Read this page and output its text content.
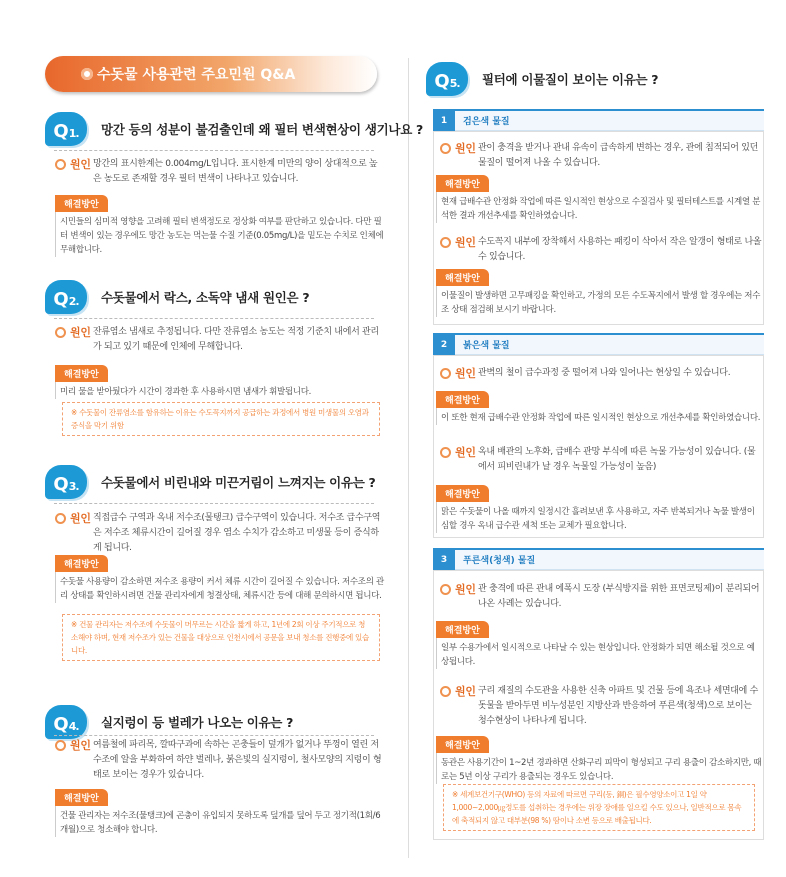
수돗물 사용관련 주요민원 Q&A
Q 1. 망간 등의 성분이 불검출인데 왜 필터 변색현상이 생기나요 ?
원인 망간의 표시한계는 0.004mg/L입니다. 표시한계 미만의 양이 상대적으로 높은 농도로 존재할 경우 필터 변색이 나타나고 있습니다.
해결방안
시민들의 심미적 영향을 고려해 필터 변색정도로 정상화 여부를 판단하고 있습니다. 다만 필터 변색이 있는 경우에도 망간 농도는 먹는물 수질 기준(0.05mg/L)을 밑도는 수치로 인체에 무해합니다.
Q 2. 수돗물에서 락스, 소독약 냄새 원인은 ?
원인 잔류염소 냄새로 추정됩니다. 다만 잔류염소 농도는 적정 기준치 내에서 관리가 되고 있기 때문에 인체에 무해합니다.
해결방안
미리 물을 받아뒀다가 시간이 경과한 후 사용하시면 냄새가 휘발됩니다.
※ 수돗물이 잔류염소를 함유하는 이유는 수도꼭지까지 공급하는 과정에서 병원 미생물의 오염과 증식을 막기 위함
Q 3. 수돗물에서 비린내와 미끈거림이 느껴지는 이유는 ?
원인 직접급수 구역과 옥내 저수조(물탱크) 급수구역이 있습니다. 저수조 급수구역은 저수조 체류시간이 길어질 경우 염소 수치가 감소하고 미생물 등이 증식하게 됩니다.
해결방안
수돗물 사용량이 감소하면 저수조 용량이 커서 체류 시간이 길어질 수 있습니다. 저수조의 관리 상태를 확인하시려면 건물 관리자에게 청결상태, 체류시간 등에 대해 문의하시면 됩니다.
※ 건물 관리자는 저수조에 수돗물이 머무르는 시간을 짧게 하고, 1년에 2회 이상 주기적으로 청소해야 하며, 현재 저수조가 있는 건물을 대상으로 인천시에서 공문을 보내 청소를 진행중에 있습니다.
Q 4. 실지렁이 등 벌레가 나오는 이유는 ?
원인 여름철에 파리목, 깔따구과에 속하는 곤충들이 덮개가 없거나 뚜껑이 열린 저수조에 알을 부화하여 하얀 벌레나, 붉은빛의 실지렁이, 철사모양의 지렁이 형태로 보이는 경우가 있습니다.
해결방안
건물 관리자는 저수조(물탱크)에 곤충이 유입되지 못하도록 덮개를 덮어 두고 정기적(1회/6개월)으로 청소해야 합니다.
Q 5. 필터에 이물질이 보이는 이유는 ?
1	검은색 물질
원인 관이 충격을 받거나 관내 유속이 급속하게 변하는 경우, 관에 침적되어 있던 물질이 떨어져 나올 수 있습니다.
해결방안
현재 급배수관 안정화 작업에 따른 일시적인 현상으로 수질검사 및 필터테스트를 시계열 분석한 결과 개선추세를 확인하였습니다.
원인 수도꼭지 내부에 장착해서 사용하는 패킹이 삭아서 작은 알갱이 형태로 나올 수 있습니다.
해결방안
이물질이 발생하면 고무패킹을 확인하고, 가정의 모든 수도꼭지에서 발생 할 경우에는 저수조 상태 점검해 보시기 바랍니다.
2	붉은색 물질
원인 관벽의 철이 급수과정 중 떨어져 나와 일어나는 현상일 수 있습니다.
해결방안
이 또한 현재 급배수관 안정화 작업에 따른 일시적인 현상으로 개선추세를 확인하였습니다.
원인 옥내 배관의 노후화, 급배수 관망 부식에 따른 녹물 가능성이 있습니다. (물에서 피비린내가 날 경우 녹물일 가능성이 높음)
해결방안
맑은 수돗물이 나올 때까지 일정시간 흘려보낸 후 사용하고, 자주 반복되거나 녹물 발생이 심할 경우 옥내 급수관 세척 또는 교체가 필요합니다.
3	푸른색(청색) 물질
원인 관 충격에 따른 관내 에폭시 도장 (부식방지를 위한 표면코팅제)이 분리되어 나온 사례는 있습니다.
해결방안
일부 수용가에서 일시적으로 나타날 수 있는 현상입니다. 안정화가 되면 해소될 것으로 예상됩니다.
원인 구리 재질의 수도관을 사용한 신축 아파트 및 건물 등에 욕조나 세면대에 수돗물을 받아두면 비누성분인 지방산과 반응하여 푸른색(청색)으로 보이는 청수현상이 나타나게 됩니다.
해결방안
동관은 사용기간이 1~2년 경과하면 산화구리 피막이 형성되고 구리 용출이 감소하지만, 때로는 5년 이상 구리가 용출되는 경우도 있습니다.
※ 세계보건기구(WHO) 등의 자료에 따르면 구리(동, 銅)은 필수영양소이고 1일 약 1,000~2,000㎍정도를 섭취하는 경우에는 위장 장애를 일으킬 수도 있으나, 일반적으로 몸속에 축적되지 않고 대부분(98 %) 땀이나 소변 등으로 배출됩니다.
